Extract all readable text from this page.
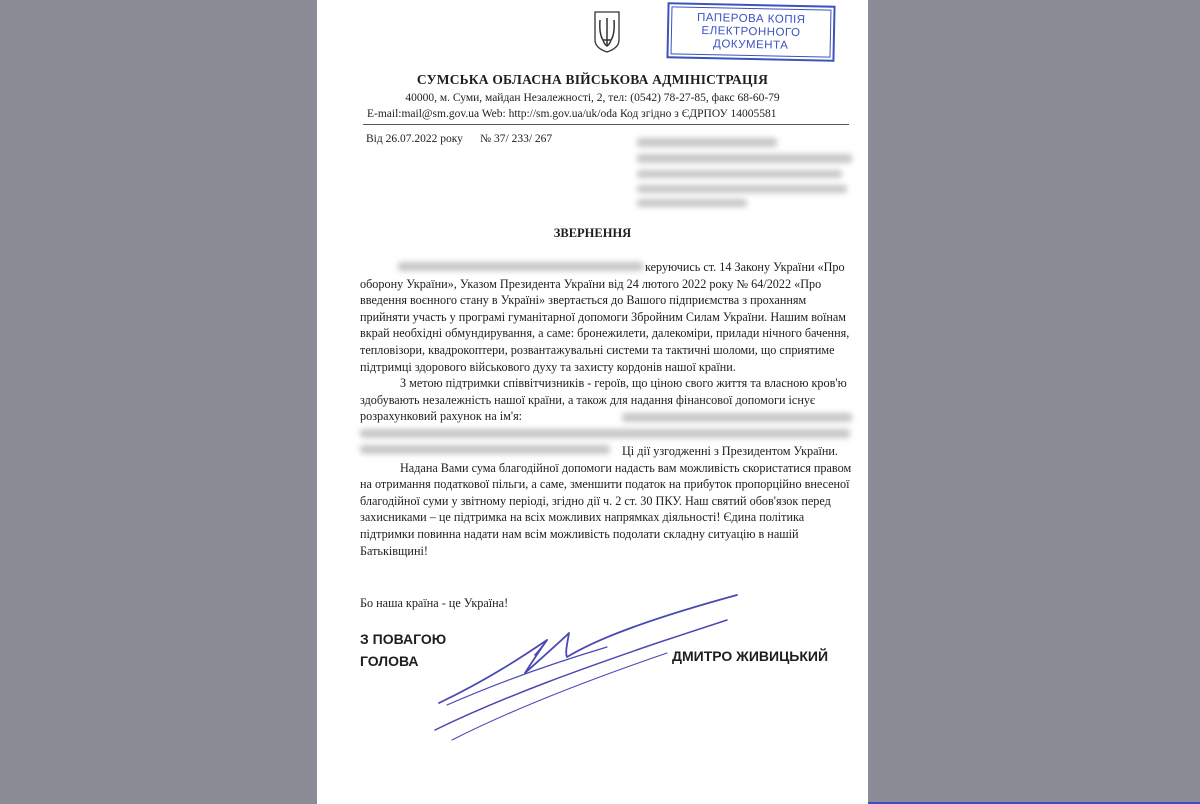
ПАПЕРОВА КОПІЯ
ЕЛЕКТРОННОГО
ДОКУМЕНТА
СУМСЬКА ОБЛАСНА ВІЙСЬКОВА АДМІНІСТРАЦІЯ
40000, м. Суми, майдан Незалежності, 2, тел: (0542) 78-27-85, факс 68-60-79
E-mail:mail@sm.gov.ua Web: http://sm.gov.ua/uk/oda Код згідно з ЄДРПОУ 14005581
Від 26.07.2022 року № 37/ 233/ 267
ЗВЕРНЕННЯ

керуючись ст. 14 Закону України «Про оборону України», Указом Президента України від 24 лютого 2022 року № 64/2022 «Про введення воєнного стану в Україні» звертається до Вашого підприємства з проханням прийняти участь у програмі гуманітарної допомоги Збройним Силам України. Нашим воїнам вкрай необхідні обмундирування, а саме: бронежилети, далекоміри, прилади нічного бачення, тепловізори, квадрокоптери, розвантажувальні системи та тактичні шоломи, що сприятиме підтримці здорового військового духу та захисту кордонів нашої країни.

З метою підтримки співвітчизників - героїв, що ціною свого життя та власною кров'ю здобувають незалежність нашої країни, а також для надання фінансової допомоги існує розрахунковий рахунок на ім'я:

Ці дії узгодженні з Президентом України.

Надана Вами сума благодійної допомоги надасть вам можливість скористатися правом на отримання податкової пільги, а саме, зменшити податок на прибуток пропорційно внесеної благодійної суми у звітному періоді, згідно дії ч. 2 ст. 30 ПКУ. Наш святий обов'язок перед захисниками – це підтримка на всіх можливих напрямках діяльності! Єдина політика підтримки повинна надати нам всім можливість подолати складну ситуацію в нашій Батьківщині!

Бо наша країна - це Україна!
З ПОВАГОЮ
ГОЛОВА	ДМИТРО ЖИВИЦЬКИЙ
